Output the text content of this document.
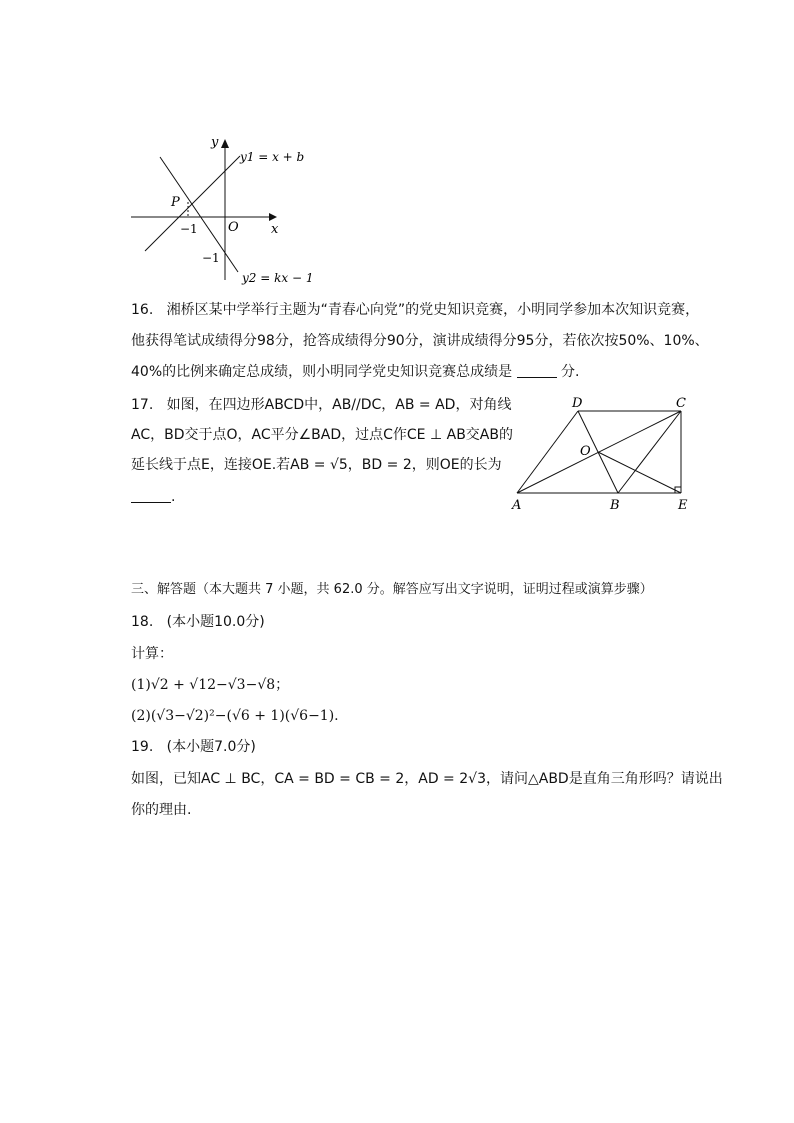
y
x
O
P
−1
−1
y1 = x + b
y2 = kx − 1
16. 湘桥区某中学举行主题为“青春心向党”的党史知识竞赛，小明同学参加本次知识竞赛，
他获得笔试成绩得分98分，抢答成绩得分90分，演讲成绩得分95分，若依次按50%、10%、
40%的比例来确定总成绩，则小明同学党史知识竞赛总成绩是	分.
17. 如图，在四边形ABCD中，AB//DC，AB = AD，对角线
AC，BD交于点O，AC平分∠BAD，过点C作CE ⊥ AB交AB的
延长线于点E，连接OE.若AB = √5，BD = 2，则OE的长为
.
A	B	E
D	C
O
三、解答题（本大题共 7 小题，共 62.0 分。解答应写出文字说明，证明过程或演算步骤）
18. (本小题10.0分)
计算：
(1)√2 + √12−√3−√8；
(2)(√3−√2)²−(√6 + 1)(√6−1).
19. (本小题7.0分)
如图，已知AC ⊥ BC，CA = BD = CB = 2，AD = 2√3，请问△ABD是直角三角形吗？请说出
你的理由.
